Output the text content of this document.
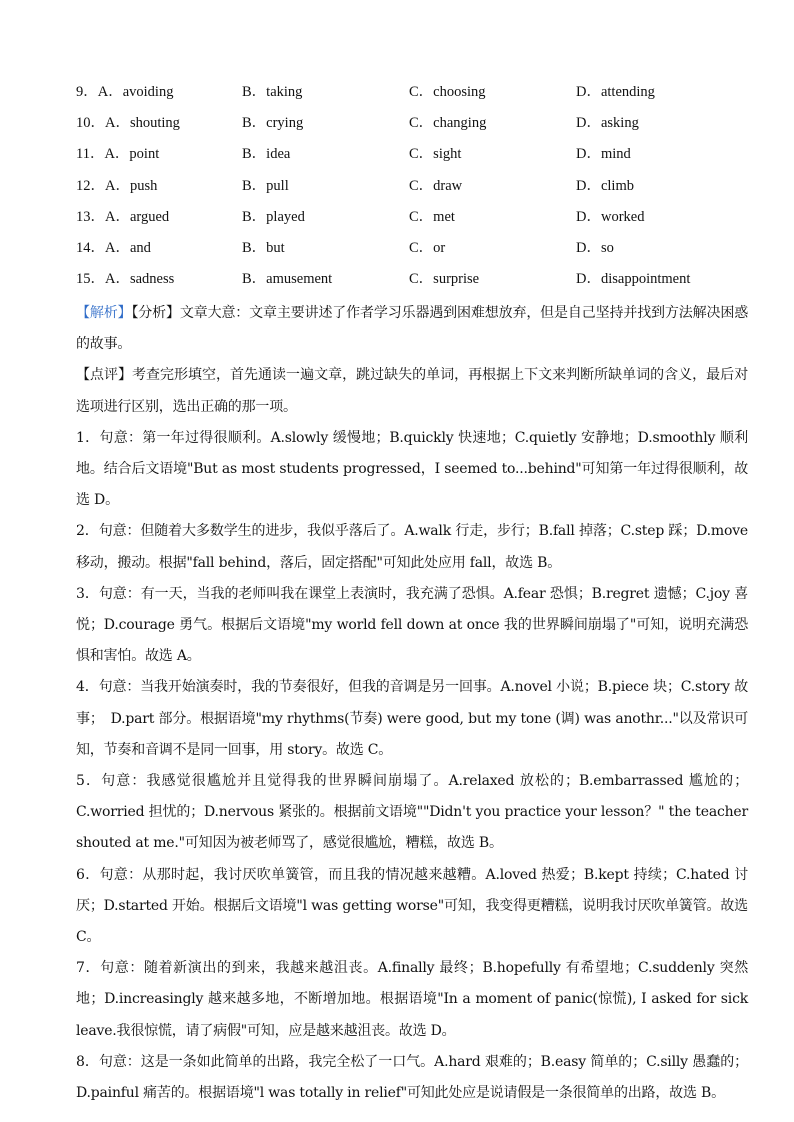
9．A．avoiding	B．taking	C．choosing	D．attending
10．A．shouting	B．crying	C．changing	D．asking
11．A．point	B．idea	C．sight	D．mind
12．A．push	B．pull	C．draw	D．climb
13．A．argued	B．played	C．met	D．worked
14．A．and	B．but	C．or	D．so
15．A．sadness	B．amusement	C．surprise	D．disappointment

【解析】【分析】文章大意：文章主要讲述了作者学习乐器遇到困难想放弃，但是自己坚持并找到方法解决困惑的故事。

【点评】考查完形填空，首先通读一遍文章，跳过缺失的单词，再根据上下文来判断所缺单词的含义，最后对选项进行区别，选出正确的那一项。

1．句意：第一年过得很顺利。A.slowly 缓慢地；B.quickly 快速地；C.quietly 安静地；D.smoothly 顺利地。结合后文语境"But as most students progressed，I seemed to...behind"可知第一年过得很顺利，故选 D。

2．句意：但随着大多数学生的进步，我似乎落后了。A.walk 行走，步行；B.fall 掉落；C.step 踩；D.move 移动，搬动。根据"fall behind，落后，固定搭配"可知此处应用 fall，故选 B。

3．句意：有一天，当我的老师叫我在课堂上表演时，我充满了恐惧。A.fear 恐惧；B.regret 遗憾；C.joy 喜悦；D.courage 勇气。根据后文语境"my world fell down at once 我的世界瞬间崩塌了"可知，说明充满恐惧和害怕。故选 A。

4．句意：当我开始演奏时，我的节奏很好，但我的音调是另一回事。A.novel 小说；B.piece 块；C.story 故事；　D.part 部分。根据语境"my rhythms(节奏) were good, but my tone (调) was anothr..."以及常识可知，节奏和音调不是同一回事，用 story。故选 C。

5．句意：我感觉很尴尬并且觉得我的世界瞬间崩塌了。A.relaxed 放松的；B.embarrassed 尴尬的；C.worried 担忧的；D.nervous 紧张的。根据前文语境""Didn't you practice your lesson？" the teacher shouted at me."可知因为被老师骂了，感觉很尴尬，糟糕，故选 B。

6．句意：从那时起，我讨厌吹单簧管，而且我的情况越来越糟。A.loved 热爱；B.kept 持续；C.hated 讨厌；D.started 开始。根据后文语境"l was getting worse"可知，我变得更糟糕，说明我讨厌吹单簧管。故选 C。

7．句意：随着新演出的到来，我越来越沮丧。A.finally 最终；B.hopefully 有希望地；C.suddenly 突然地；D.increasingly 越来越多地，不断增加地。根据语境"In a moment of panic(惊慌), I asked for sick leave.我很惊慌，请了病假"可知，应是越来越沮丧。故选 D。

8．句意：这是一条如此简单的出路，我完全松了一口气。A.hard 艰难的；B.easy 简单的；C.silly 愚蠢的；D.painful 痛苦的。根据语境"l was totally in relief"可知此处应是说请假是一条很简单的出路，故选 B。
